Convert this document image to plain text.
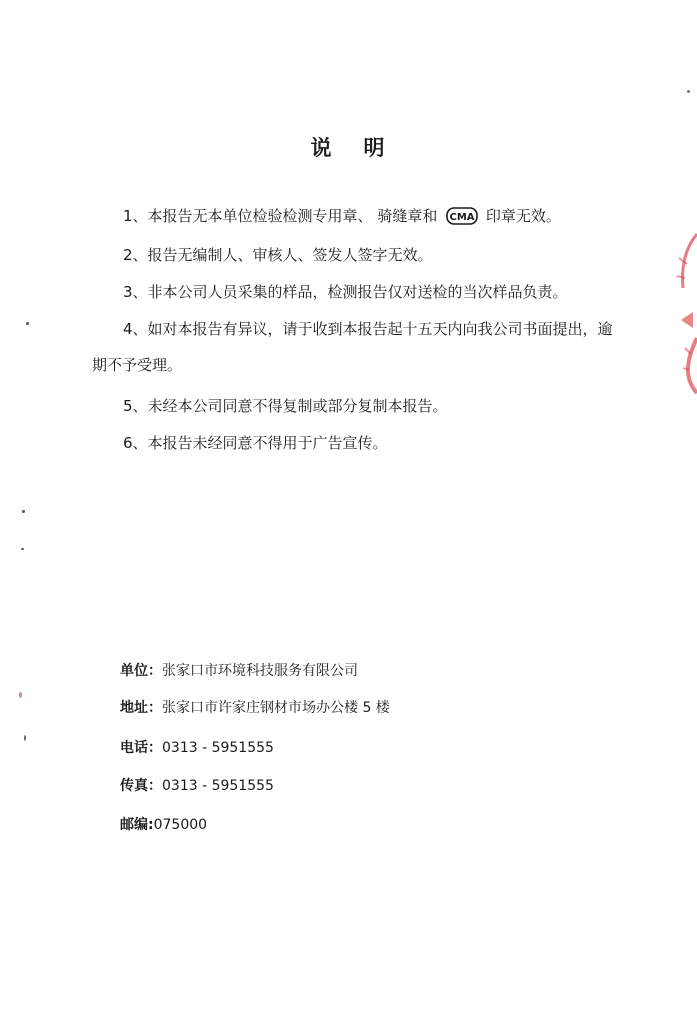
说 明
1、本报告无本单位检验检测专用章、 骑缝章和 CMA 印章无效。
2、报告无编制人、审核人、签发人签字无效。
3、非本公司人员采集的样品，检测报告仅对送检的当次样品负责。
4、如对本报告有异议，请于收到本报告起十五天内向我公司书面提出，逾
期不予受理。
5、未经本公司同意不得复制或部分复制本报告。
6、本报告未经同意不得用于广告宣传。
单位：张家口市环境科技服务有限公司
地址：张家口市许家庄钢材市场办公楼 5 楼
电话：0313 - 5951555
传真：0313 - 5951555
邮编:075000
